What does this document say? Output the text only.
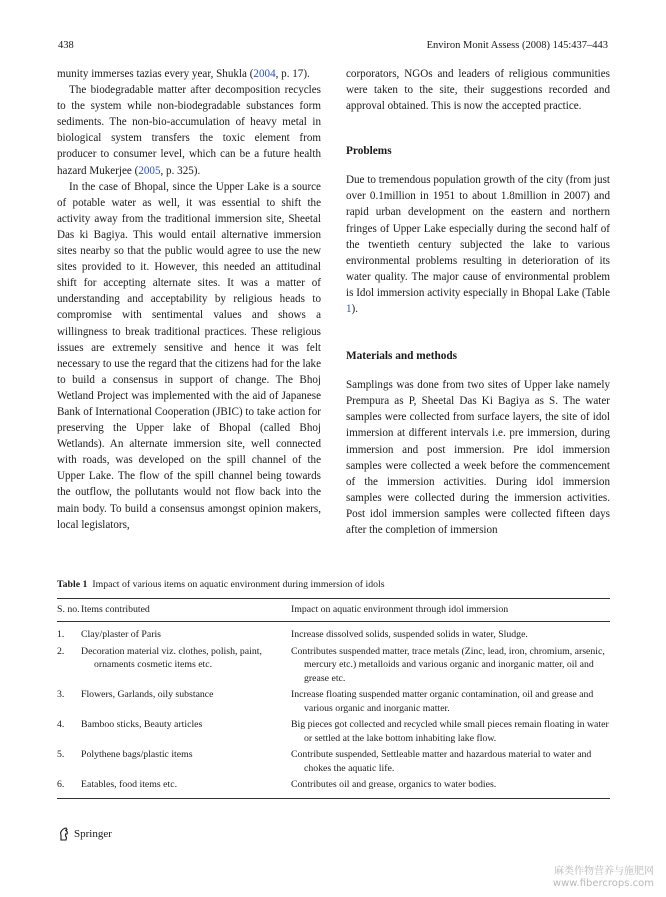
438	Environ Monit Assess (2008) 145:437–443

munity immerses tazias every year, Shukla (2004, p. 17).

The biodegradable matter after decomposition recycles to the system while non-biodegradable substances form sediments. The non-bio-accumulation of heavy metal in biological system transfers the toxic element from producer to consumer level, which can be a future health hazard Mukerjee (2005, p. 325).

In the case of Bhopal, since the Upper Lake is a source of potable water as well, it was essential to shift the activity away from the traditional immersion site, Sheetal Das ki Bagiya. This would entail alternative immersion sites nearby so that the public would agree to use the new sites provided to it. However, this needed an attitudinal shift for accepting alternate sites. It was a matter of understanding and acceptability by religious heads to compromise with sentimental values and shows a willingness to break traditional practices. These religious issues are extremely sensitive and hence it was felt necessary to use the regard that the citizens had for the lake to build a consensus in support of change. The Bhoj Wetland Project was implemented with the aid of Japanese Bank of International Cooperation (JBIC) to take action for preserving the Upper lake of Bhopal (called Bhoj Wetlands). An alternate immersion site, well connected with roads, was developed on the spill channel of the Upper Lake. The flow of the spill channel being towards the outflow, the pollutants would not flow back into the main body. To build a consensus amongst opinion makers, local legislators,

corporators, NGOs and leaders of religious communities were taken to the site, their suggestions recorded and approval obtained. This is now the accepted practice.

Problems

Due to tremendous population growth of the city (from just over 0.1million in 1951 to about 1.8million in 2007) and rapid urban development on the eastern and northern fringes of Upper Lake especially during the second half of the twentieth century subjected the lake to various environmental problems resulting in deterioration of its water quality. The major cause of environmental problem is Idol immersion activity especially in Bhopal Lake (Table 1).

Materials and methods

Samplings was done from two sites of Upper lake namely Prempura as P, Sheetal Das Ki Bagiya as S. The water samples were collected from surface layers, the site of idol immersion at different intervals i.e. pre immersion, during immersion and post immersion. Pre idol immersion samples were collected a week before the commencement of the immersion activities. During idol immersion samples were collected during the immersion activities. Post idol immersion samples were collected fifteen days after the completion of immersion

Table 1 Impact of various items on aquatic environment during immersion of idols

S. no.	Items contributed	Impact on aquatic environment through idol immersion
1.	Clay/plaster of Paris	Increase dissolved solids, suspended solids in water, Sludge.
2.	Decoration material viz. clothes, polish, paint, ornaments cosmetic items etc.	Contributes suspended matter, trace metals (Zinc, lead, iron, chromium, arsenic, mercury etc.) metalloids and various organic and inorganic matter, oil and grease etc.
3.	Flowers, Garlands, oily substance	Increase floating suspended matter organic contamination, oil and grease and various organic and inorganic matter.
4.	Bamboo sticks, Beauty articles	Big pieces got collected and recycled while small pieces remain floating in water or settled at the lake bottom inhabiting lake flow.
5.	Polythene bags/plastic items	Contribute suspended, Settleable matter and hazardous material to water and chokes the aquatic life.
6.	Eatables, food items etc.	Contributes oil and grease, organics to water bodies.
Springer
麻类作物营养与施肥网
www.fibercrops.com
